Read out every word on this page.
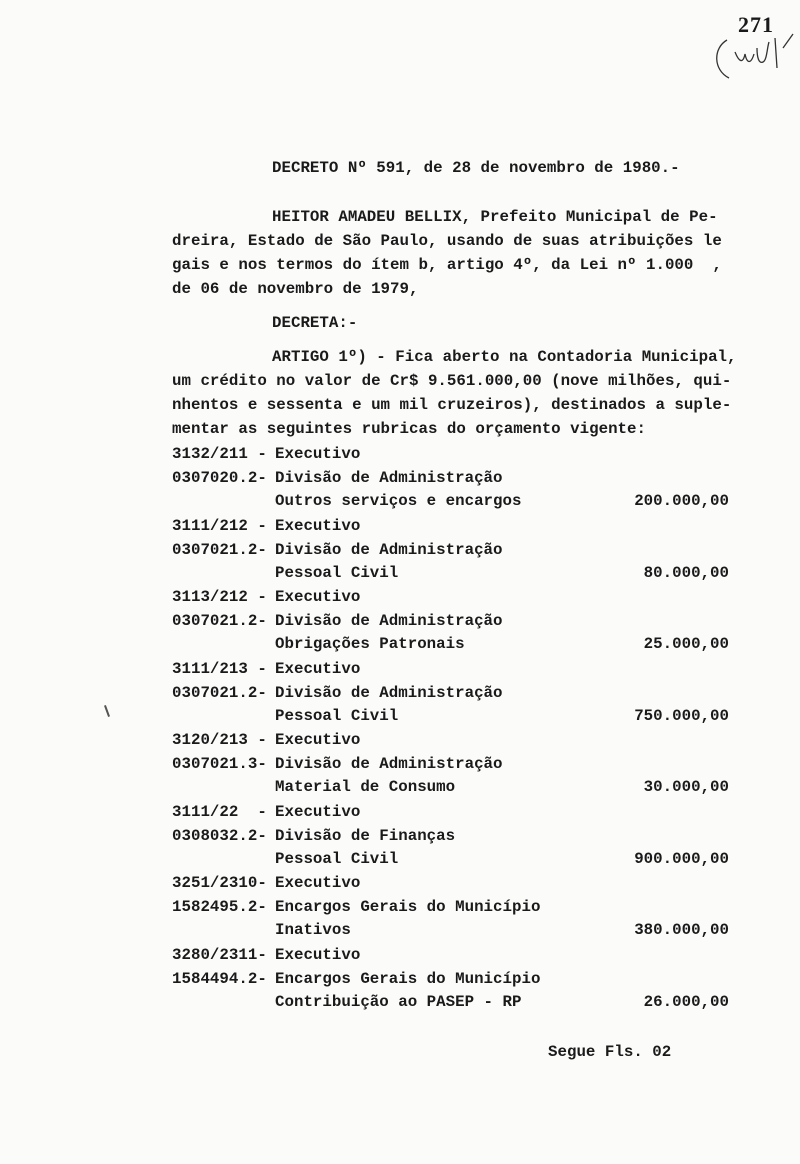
271
DECRETO Nº 591, de 28 de novembro de 1980.-
HEITOR AMADEU BELLIX, Prefeito Municipal de Pe-
dreira, Estado de São Paulo, usando de suas atribuições le
gais e nos termos do ítem b, artigo 4º, da Lei nº 1.000  ,
de 06 de novembro de 1979,
DECRETA:-
ARTIGO 1º) - Fica aberto na Contadoria Municipal,
um crédito no valor de Cr$ 9.561.000,00 (nove milhões, qui-
nhentos e sessenta e um mil cruzeiros), destinados a suple-
mentar as seguintes rubricas do orçamento vigente:
3132/211 - Executivo
0307020.2- Divisão de Administração
Outros serviços e encargos	200.000,00
3111/212 - Executivo
0307021.2- Divisão de Administração
Pessoal Civil	80.000,00
3113/212 - Executivo
0307021.2- Divisão de Administração
Obrigações Patronais	25.000,00
3111/213 - Executivo
0307021.2- Divisão de Administração
Pessoal Civil	750.000,00
3120/213 - Executivo
0307021.3- Divisão de Administração
Material de Consumo	30.000,00
3111/22  - Executivo
0308032.2- Divisão de Finanças
Pessoal Civil	900.000,00
3251/2310- Executivo
1582495.2- Encargos Gerais do Município
Inativos	380.000,00
3280/2311- Executivo
1584494.2- Encargos Gerais do Município
Contribuição ao PASEP - RP	26.000,00
Segue Fls. 02
